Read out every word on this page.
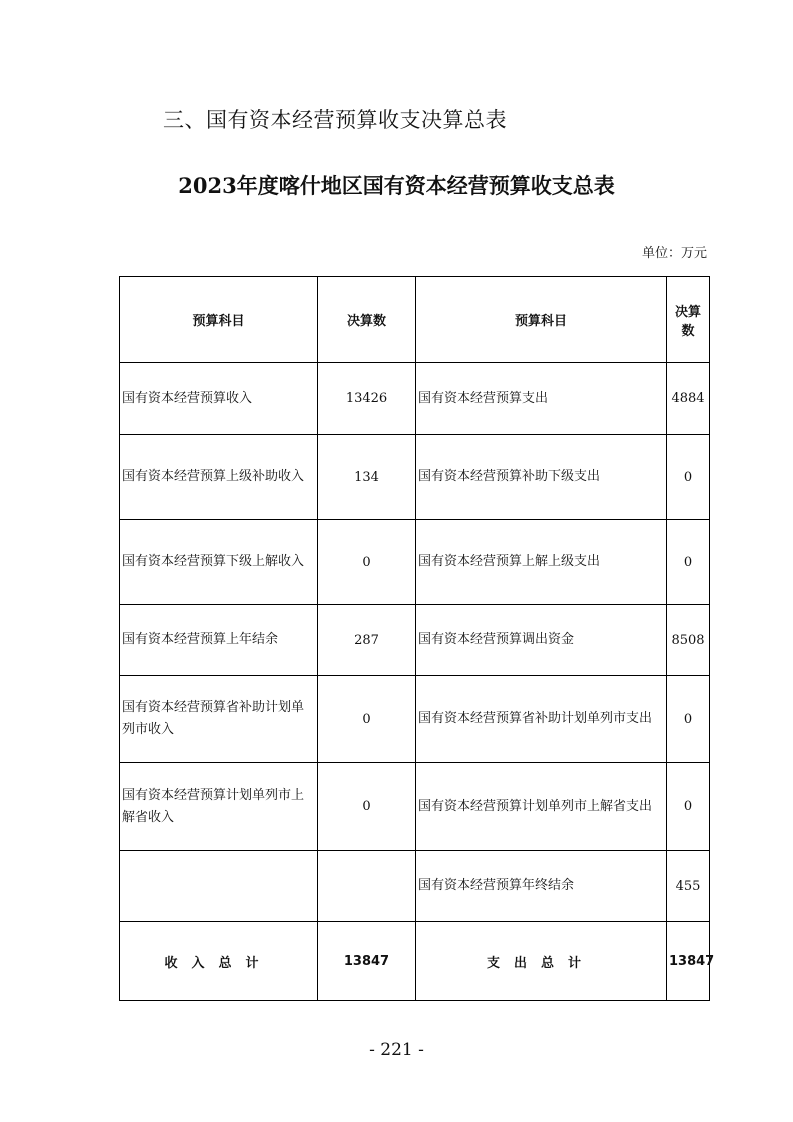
三、国有资本经营预算收支决算总表
2023年度喀什地区国有资本经营预算收支总表
单位：万元
预算科目	决算数	预算科目	决算数
国有资本经营预算收入	13426	国有资本经营预算支出	4884
国有资本经营预算上级补助收入	134	国有资本经营预算补助下级支出	0
国有资本经营预算下级上解收入	0	国有资本经营预算上解上级支出	0
国有资本经营预算上年结余	287	国有资本经营预算调出资金	8508
国有资本经营预算省补助计划单列市收入	0	国有资本经营预算省补助计划单列市支出	0
国有资本经营预算计划单列市上解省收入	0	国有资本经营预算计划单列市上解省支出	0
		国有资本经营预算年终结余	455
收入总计	13847	支出总计	13847
- 221 -
